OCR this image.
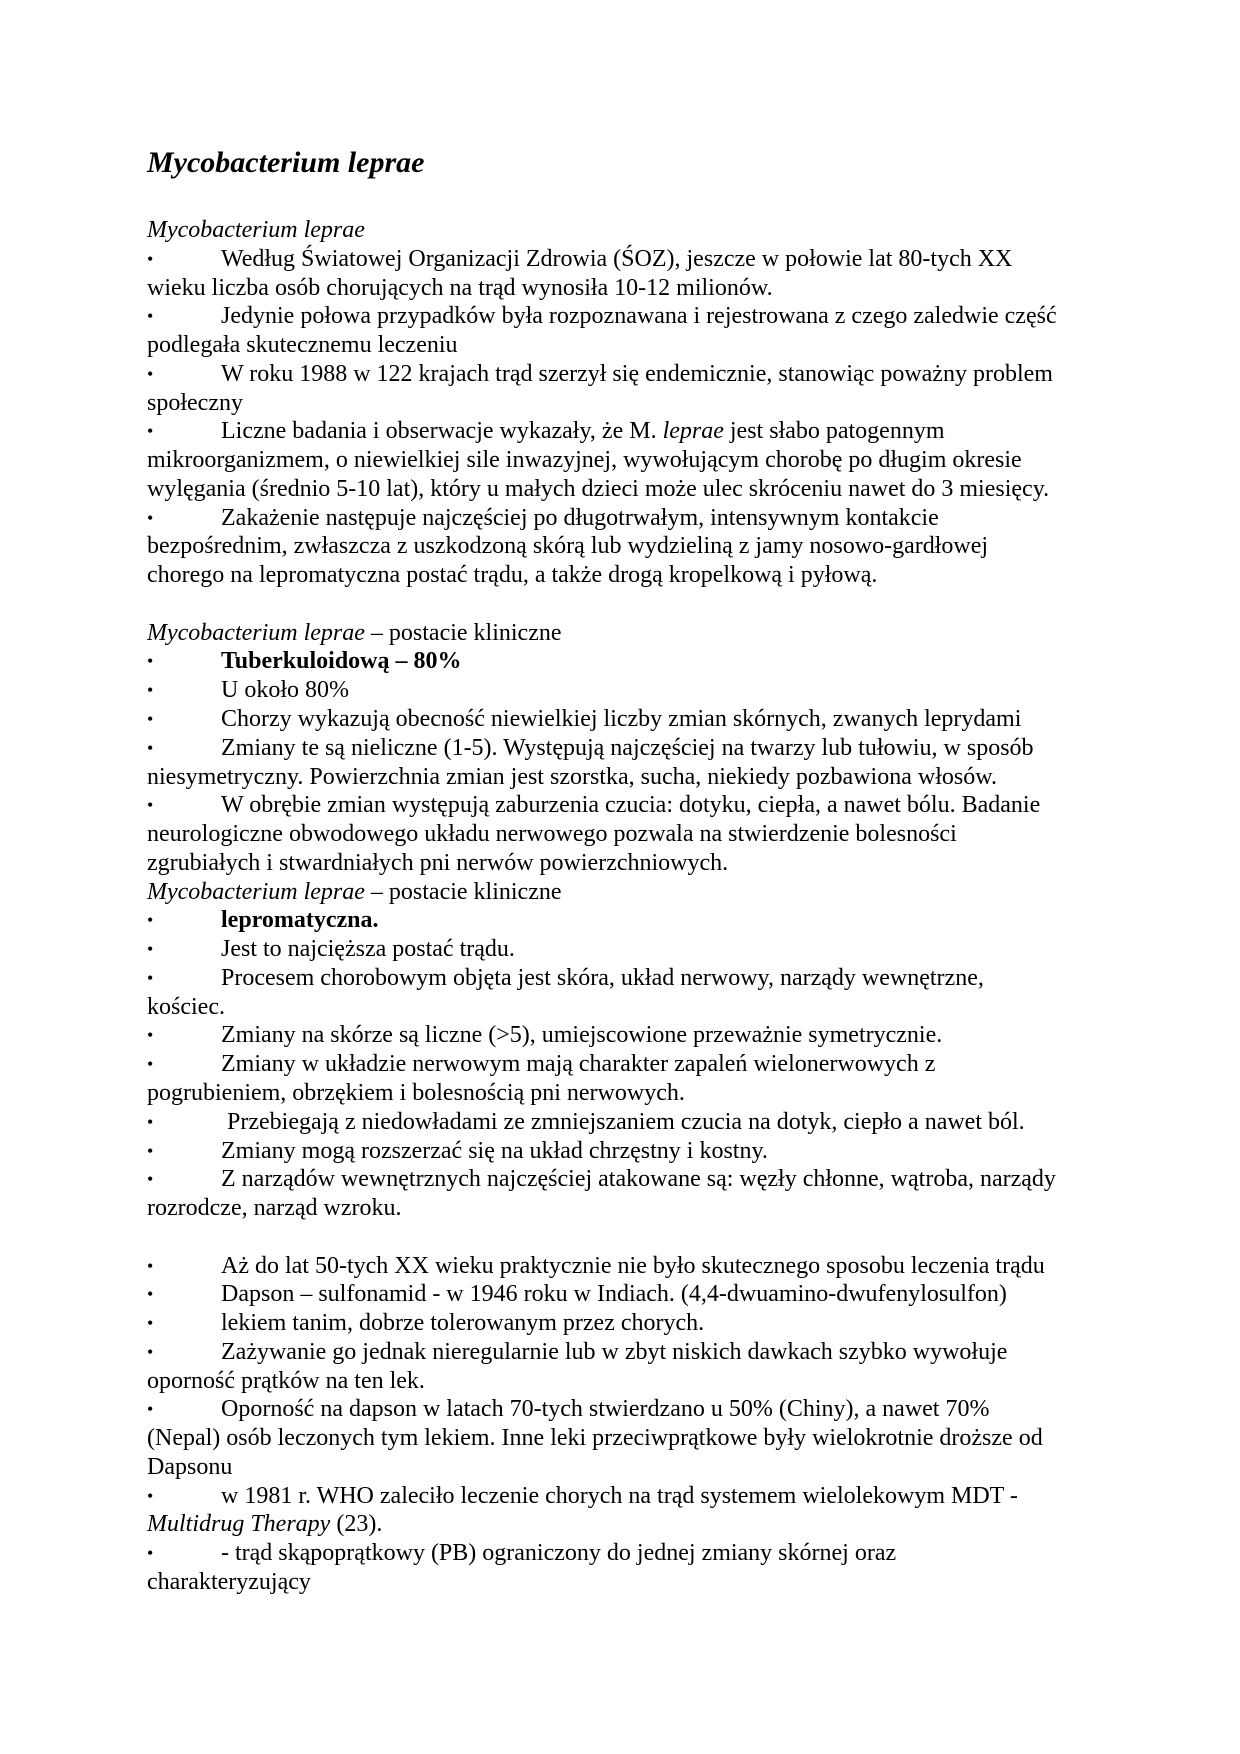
Mycobacterium leprae
Mycobacterium leprae
•	Według Światowej Organizacji Zdrowia (ŚOZ), jeszcze w połowie lat 80-tych XX
wieku liczba osób chorujących na trąd wynosiła 10-12 milionów.
•	Jedynie połowa przypadków była rozpoznawana i rejestrowana z czego zaledwie część
podlegała skutecznemu leczeniu
•	W roku 1988 w 122 krajach trąd szerzył się endemicznie, stanowiąc poważny problem
społeczny
•	Liczne badania i obserwacje wykazały, że M. leprae jest słabo patogennym
mikroorganizmem, o niewielkiej sile inwazyjnej, wywołującym chorobę po długim okresie
wylęgania (średnio 5-10 lat), który u małych dzieci może ulec skróceniu nawet do 3 miesięcy.
•	Zakażenie następuje najczęściej po długotrwałym, intensywnym kontakcie
bezpośrednim, zwłaszcza z uszkodzoną skórą lub wydzieliną z jamy nosowo-gardłowej
chorego na lepromatyczna postać trądu, a także drogą kropelkową i pyłową.
Mycobacterium leprae – postacie kliniczne
•	Tuberkuloidową – 80%
•	U około 80%
•	Chorzy wykazują obecność niewielkiej liczby zmian skórnych, zwanych leprydami
•	Zmiany te są nieliczne (1-5). Występują najczęściej na twarzy lub tułowiu, w sposób
niesymetryczny. Powierzchnia zmian jest szorstka, sucha, niekiedy pozbawiona włosów.
•	W obrębie zmian występują zaburzenia czucia: dotyku, ciepła, a nawet bólu. Badanie
neurologiczne obwodowego układu nerwowego pozwala na stwierdzenie bolesności
zgrubiałych i stwardniałych pni nerwów powierzchniowych.
Mycobacterium leprae – postacie kliniczne
•	lepromatyczna.
•	Jest to najcięższa postać trądu.
•	Procesem chorobowym objęta jest skóra, układ nerwowy, narządy wewnętrzne,
kościec.
•	Zmiany na skórze są liczne (>5), umiejscowione przeważnie symetrycznie.
•	Zmiany w układzie nerwowym mają charakter zapaleń wielonerwowych z
pogrubieniem, obrzękiem i bolesnością pni nerwowych.
•	Przebiegają z niedowładami ze zmniejszaniem czucia na dotyk, ciepło a nawet ból.
•	Zmiany mogą rozszerzać się na układ chrzęstny i kostny.
•	Z narządów wewnętrznych najczęściej atakowane są: węzły chłonne, wątroba, narządy
rozrodcze, narząd wzroku.
•	Aż do lat 50-tych XX wieku praktycznie nie było skutecznego sposobu leczenia trądu
•	Dapson – sulfonamid - w 1946 roku w Indiach. (4,4-dwuamino-dwufenylosulfon)
•	lekiem tanim, dobrze tolerowanym przez chorych.
•	Zażywanie go jednak nieregularnie lub w zbyt niskich dawkach szybko wywołuje
oporność prątków na ten lek.
•	Oporność na dapson w latach 70-tych stwierdzano u 50% (Chiny), a nawet 70%
(Nepal) osób leczonych tym lekiem. Inne leki przeciwprątkowe były wielokrotnie droższe od
Dapsonu
•	w 1981 r. WHO zaleciło leczenie chorych na trąd systemem wielolekowym MDT -
Multidrug Therapy (23).
•	- trąd skąpoprątkowy (PB) ograniczony do jednej zmiany skórnej oraz
charakteryzujący
